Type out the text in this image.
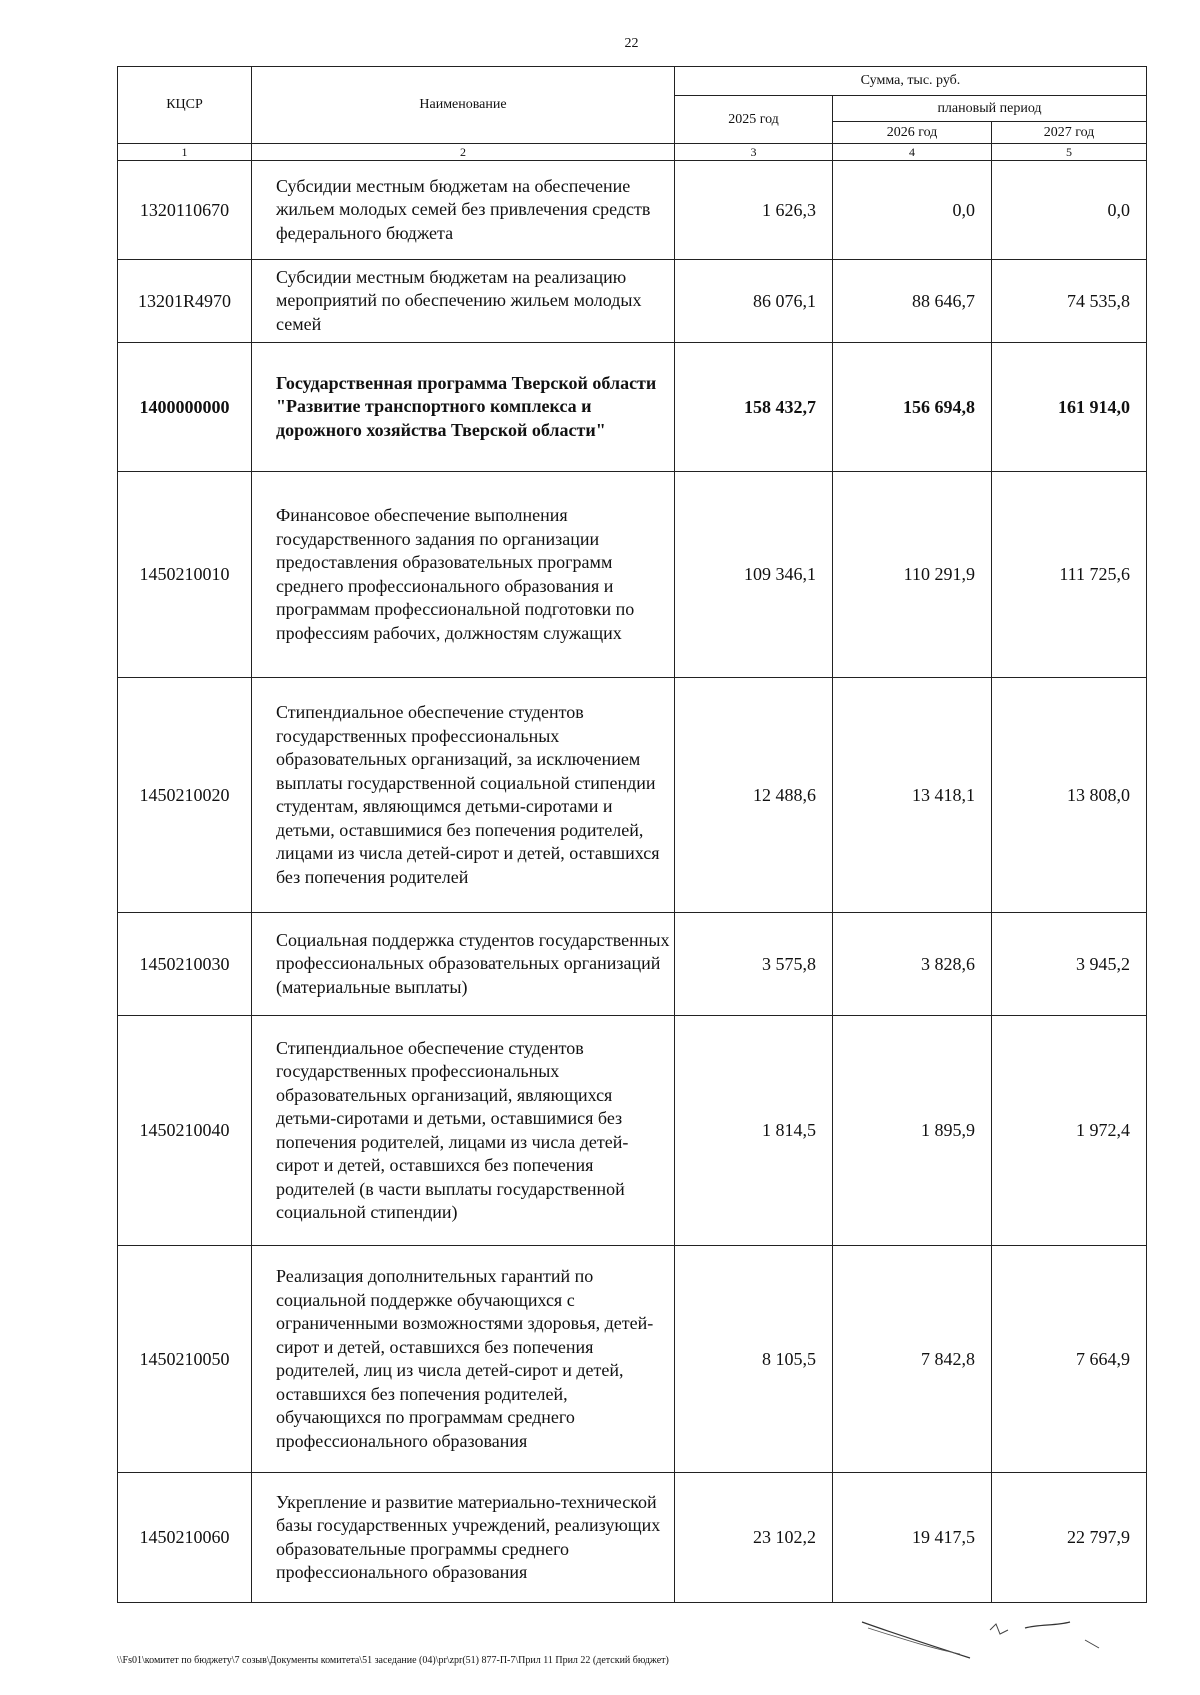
22
КЦСР	Наименование	Сумма, тыс. руб.		
		2025 год	плановый период	
			2026 год	2027 год
1	2	3	4	5
1320110670	Субсидии местным бюджетам на обеспечение жильем молодых семей без привлечения средств федерального бюджета	1 626,3	0,0	0,0
13201R4970	Субсидии местным бюджетам на реализацию мероприятий по обеспечению жильем молодых семей	86 076,1	88 646,7	74 535,8
1400000000	Государственная программа Тверской области "Развитие транспортного комплекса и дорожного хозяйства Тверской области"	158 432,7	156 694,8	161 914,0
1450210010	Финансовое обеспечение выполнения государственного задания по организации предоставления образовательных программ среднего профессионального образования и программам профессиональной подготовки по профессиям рабочих, должностям служащих	109 346,1	110 291,9	111 725,6
1450210020	Стипендиальное обеспечение студентов государственных профессиональных образовательных организаций, за исключением выплаты государственной социальной стипендии студентам, являющимся детьми-сиротами и детьми, оставшимися без попечения родителей, лицами из числа детей-сирот и детей, оставшихся без попечения родителей	12 488,6	13 418,1	13 808,0
1450210030	Социальная поддержка студентов государственных профессиональных образовательных организаций (материальные выплаты)	3 575,8	3 828,6	3 945,2
1450210040	Стипендиальное обеспечение студентов государственных профессиональных образовательных организаций, являющихся детьми-сиротами и детьми, оставшимися без попечения родителей, лицами из числа детей-сирот и детей, оставшихся без попечения родителей (в части выплаты государственной социальной стипендии)	1 814,5	1 895,9	1 972,4
1450210050	Реализация дополнительных гарантий по социальной поддержке обучающихся с ограниченными возможностями здоровья, детей-сирот и детей, оставшихся без попечения родителей, лиц из числа детей-сирот и детей, оставшихся без попечения родителей, обучающихся по программам среднего профессионального образования	8 105,5	7 842,8	7 664,9
1450210060	Укрепление и развитие материально-технической базы государственных учреждений, реализующих образовательные программы среднего профессионального образования	23 102,2	19 417,5	22 797,9
\\Fs01\комитет по бюджету\7 созыв\Документы комитета\51 заседание (04)\pr\zpr(51) 877-П-7\Прил 11 Прил 22 (детский бюджет)
